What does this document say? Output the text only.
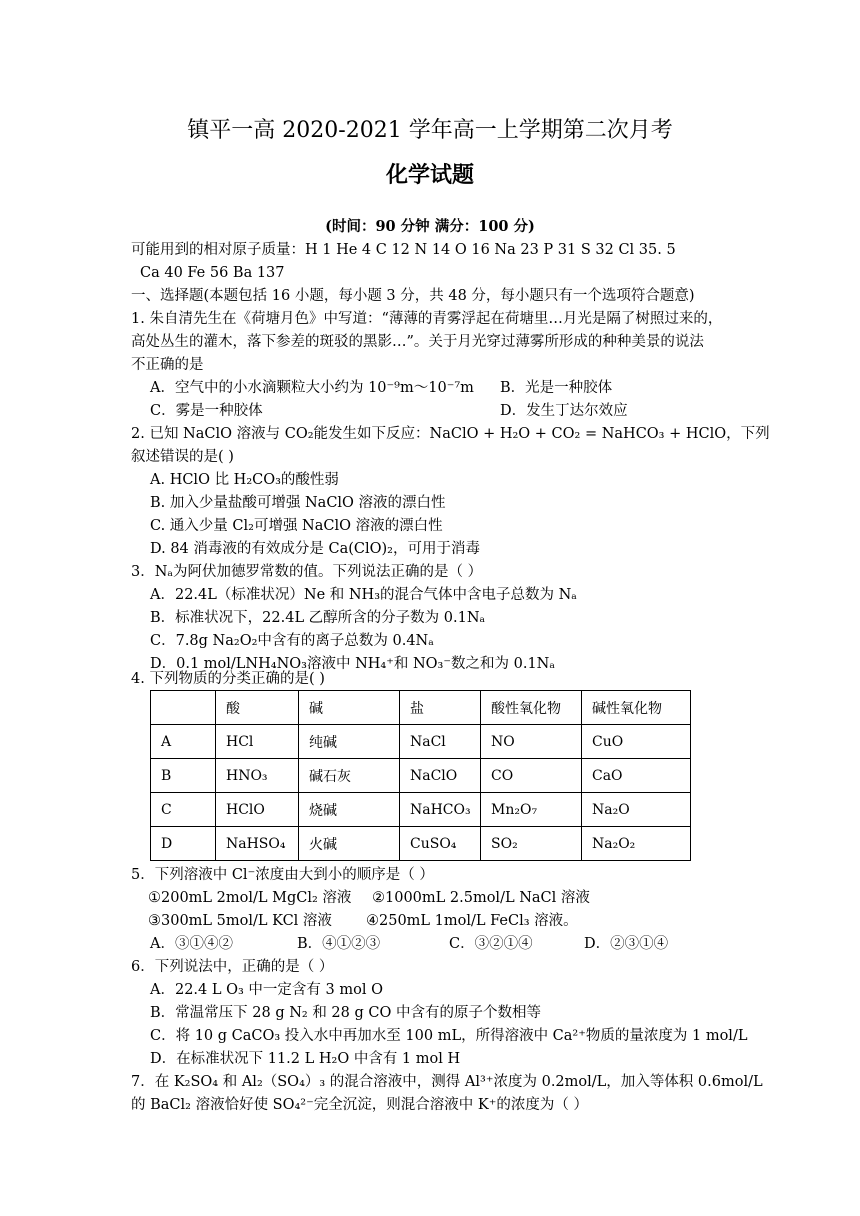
镇平一高 2020-2021 学年高一上学期第二次月考
化学试题
(时间：90 分钟 满分：100 分)
可能用到的相对原子质量：H 1 He 4 C 12 N 14 O 16 Na 23 P 31 S 32 Cl 35. 5
Ca 40 Fe 56 Ba 137
一、选择题(本题包括 16 小题，每小题 3 分，共 48 分，每小题只有一个选项符合题意)
1. 朱自清先生在《荷塘月色》中写道：“薄薄的青雾浮起在荷塘里…月光是隔了树照过来的，
高处丛生的灌木，落下参差的斑驳的黑影…”。关于月光穿过薄雾所形成的种种美景的说法
不正确的是
A．空气中的小水滴颗粒大小约为 10⁻⁹m～10⁻⁷m B．光是一种胶体
C．雾是一种胶体	D．发生丁达尔效应
2. 已知 NaClO 溶液与 CO₂能发生如下反应：NaClO + H₂O + CO₂ = NaHCO₃ + HClO，下列
叙述错误的是( )
A. HClO 比 H₂CO₃的酸性弱
B. 加入少量盐酸可增强 NaClO 溶液的漂白性
C. 通入少量 Cl₂可增强 NaClO 溶液的漂白性
D. 84 消毒液的有效成分是 Ca(ClO)₂，可用于消毒
3．Nₐ为阿伏加德罗常数的值。下列说法正确的是（ ）
A．22.4L（标准状况）Ne 和 NH₃的混合气体中含电子总数为 Nₐ
B．标准状况下，22.4L 乙醇所含的分子数为 0.1Nₐ
C．7.8g Na₂O₂中含有的离子总数为 0.4Nₐ
D．0.1 mol/LNH₄NO₃溶液中 NH₄⁺和 NO₃⁻数之和为 0.1Nₐ
4. 下列物质的分类正确的是( )
	酸	碱	盐	酸性氧化物	碱性氧化物
A	HCl	纯碱	NaCl	NO	CuO
B	HNO₃	碱石灰	NaClO	CO	CaO
C	HClO	烧碱	NaHCO₃	Mn₂O₇	Na₂O
D	NaHSO₄	火碱	CuSO₄	SO₂	Na₂O₂
5．下列溶液中 Cl⁻浓度由大到小的顺序是（ ）
①200mL 2mol/L MgCl₂ 溶液 ②1000mL 2.5mol/L NaCl 溶液
③300mL 5mol/L KCl 溶液 ④250mL 1mol/L FeCl₃ 溶液。
A．③①④②	B．④①②③	C．③②①④	D．②③①④
6．下列说法中，正确的是（ ）
A．22.4 L O₃ 中一定含有 3 mol O
B．常温常压下 28 g N₂ 和 28 g CO 中含有的原子个数相等
C．将 10 g CaCO₃ 投入水中再加水至 100 mL，所得溶液中 Ca²⁺物质的量浓度为 1 mol/L
D．在标准状况下 11.2 L H₂O 中含有 1 mol H
7．在 K₂SO₄ 和 Al₂（SO₄）₃ 的混合溶液中，测得 Al³⁺浓度为 0.2mol/L，加入等体积 0.6mol/L
的 BaCl₂ 溶液恰好使 SO₄²⁻完全沉淀，则混合溶液中 K⁺的浓度为（ ）
